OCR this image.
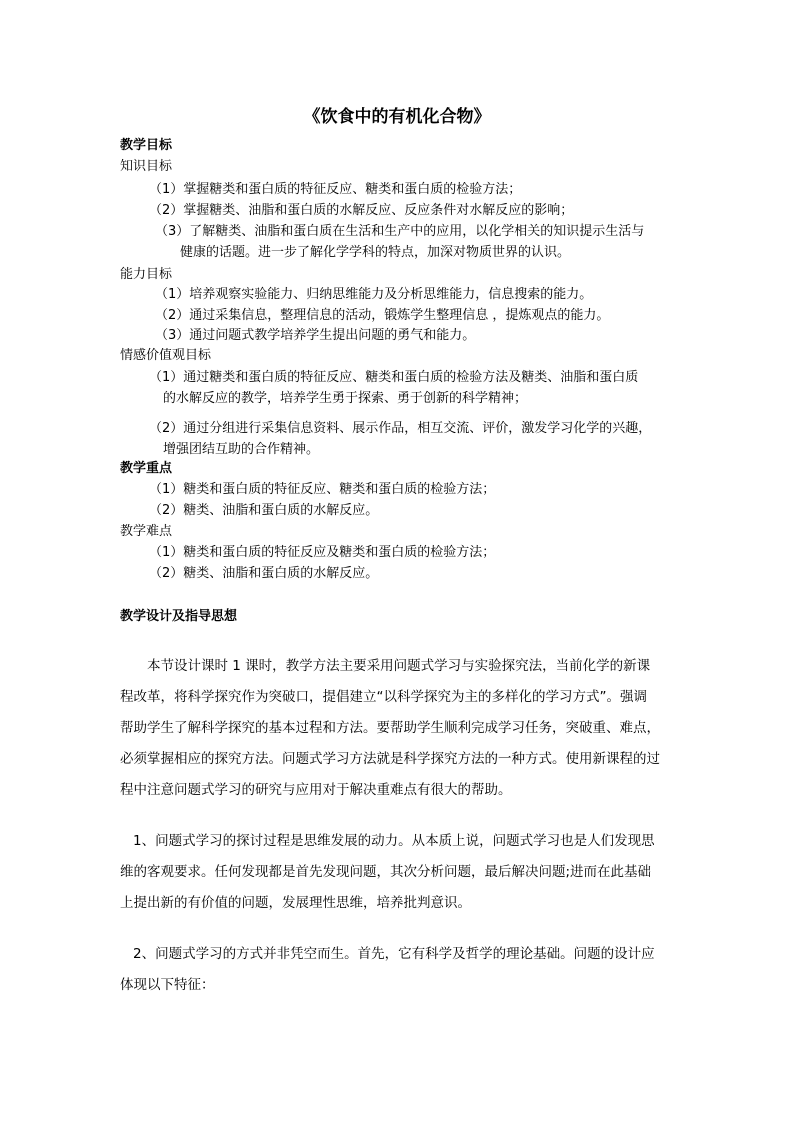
《饮食中的有机化合物》
教学目标
知识目标
（1）掌握糖类和蛋白质的特征反应、糖类和蛋白质的检验方法；
（2）掌握糖类、油脂和蛋白质的水解反应、反应条件对水解反应的影响；
（3）了解糖类、油脂和蛋白质在生活和生产中的应用，以化学相关的知识提示生活与
健康的话题。进一步了解化学学科的特点，加深对物质世界的认识。
能力目标
（1）培养观察实验能力、归纳思维能力及分析思维能力，信息搜索的能力。
（2）通过采集信息，整理信息的活动，锻炼学生整理信息 ，提炼观点的能力。
（3）通过问题式教学培养学生提出问题的勇气和能力。
情感价值观目标
（1）通过糖类和蛋白质的特征反应、糖类和蛋白质的检验方法及糖类、油脂和蛋白质
的水解反应的教学，培养学生勇于探索、勇于创新的科学精神；
（2）通过分组进行采集信息资料、展示作品，相互交流、评价，激发学习化学的兴趣，
增强团结互助的合作精神。
教学重点
（1）糖类和蛋白质的特征反应、糖类和蛋白质的检验方法；
（2）糖类、油脂和蛋白质的水解反应。
教学难点
（1）糖类和蛋白质的特征反应及糖类和蛋白质的检验方法；
（2）糖类、油脂和蛋白质的水解反应。
教学设计及指导思想
本节设计课时 1 课时，教学方法主要采用问题式学习与实验探究法，当前化学的新课
程改革，将科学探究作为突破口，提倡建立“以科学探究为主的多样化的学习方式”。强调
帮助学生了解科学探究的基本过程和方法。要帮助学生顺利完成学习任务，突破重、难点，
必须掌握相应的探究方法。问题式学习方法就是科学探究方法的一种方式。使用新课程的过
程中注意问题式学习的研究与应用对于解决重难点有很大的帮助。
1、问题式学习的探讨过程是思维发展的动力。从本质上说，问题式学习也是人们发现思
维的客观要求。任何发现都是首先发现问题，其次分析问题，最后解决问题;进而在此基础
上提出新的有价值的问题，发展理性思维，培养批判意识。
2、问题式学习的方式并非凭空而生。首先，它有科学及哲学的理论基础。问题的设计应
体现以下特征：
